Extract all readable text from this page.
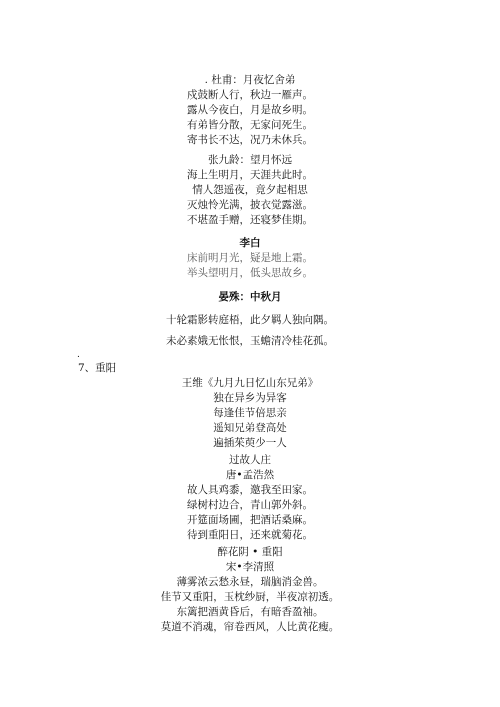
. 杜甫：月夜忆舍弟
戍鼓断人行，秋边一雁声。
露从今夜白，月是故乡明。
有弟皆分散，无家问死生。
寄书长不达，况乃未休兵。
张九龄：望月怀远
海上生明月，天涯共此时。
情人怨遥夜，竟夕起相思
灭烛怜光满，披衣觉露滋。
不堪盈手赠，还寝梦佳期。
李白
床前明月光，疑是地上霜。
举头望明月，低头思故乡。
晏殊：中秋月
十轮霜影转庭梧，此夕羁人独向隅。
未必素娥无怅恨，玉蟾清冷桂花孤。
.
7、重阳
王维《九月九日忆山东兄弟》
独在异乡为异客
每逢佳节倍思亲
遥知兄弟登高处
遍插茱萸少一人
过故人庄
唐•孟浩然
故人具鸡黍，邀我至田家。
绿树村边合，青山郭外斜。
开筵面场圃，把酒话桑麻。
待到重阳日，还来就菊花。
醉花阴 • 重阳
宋•李清照
薄雾浓云愁永昼，瑞脑消金兽。
佳节又重阳，玉枕纱厨，半夜凉初透。
东篱把酒黄昏后，有暗香盈袖。
莫道不消魂，帘卷西风，人比黄花瘦。
